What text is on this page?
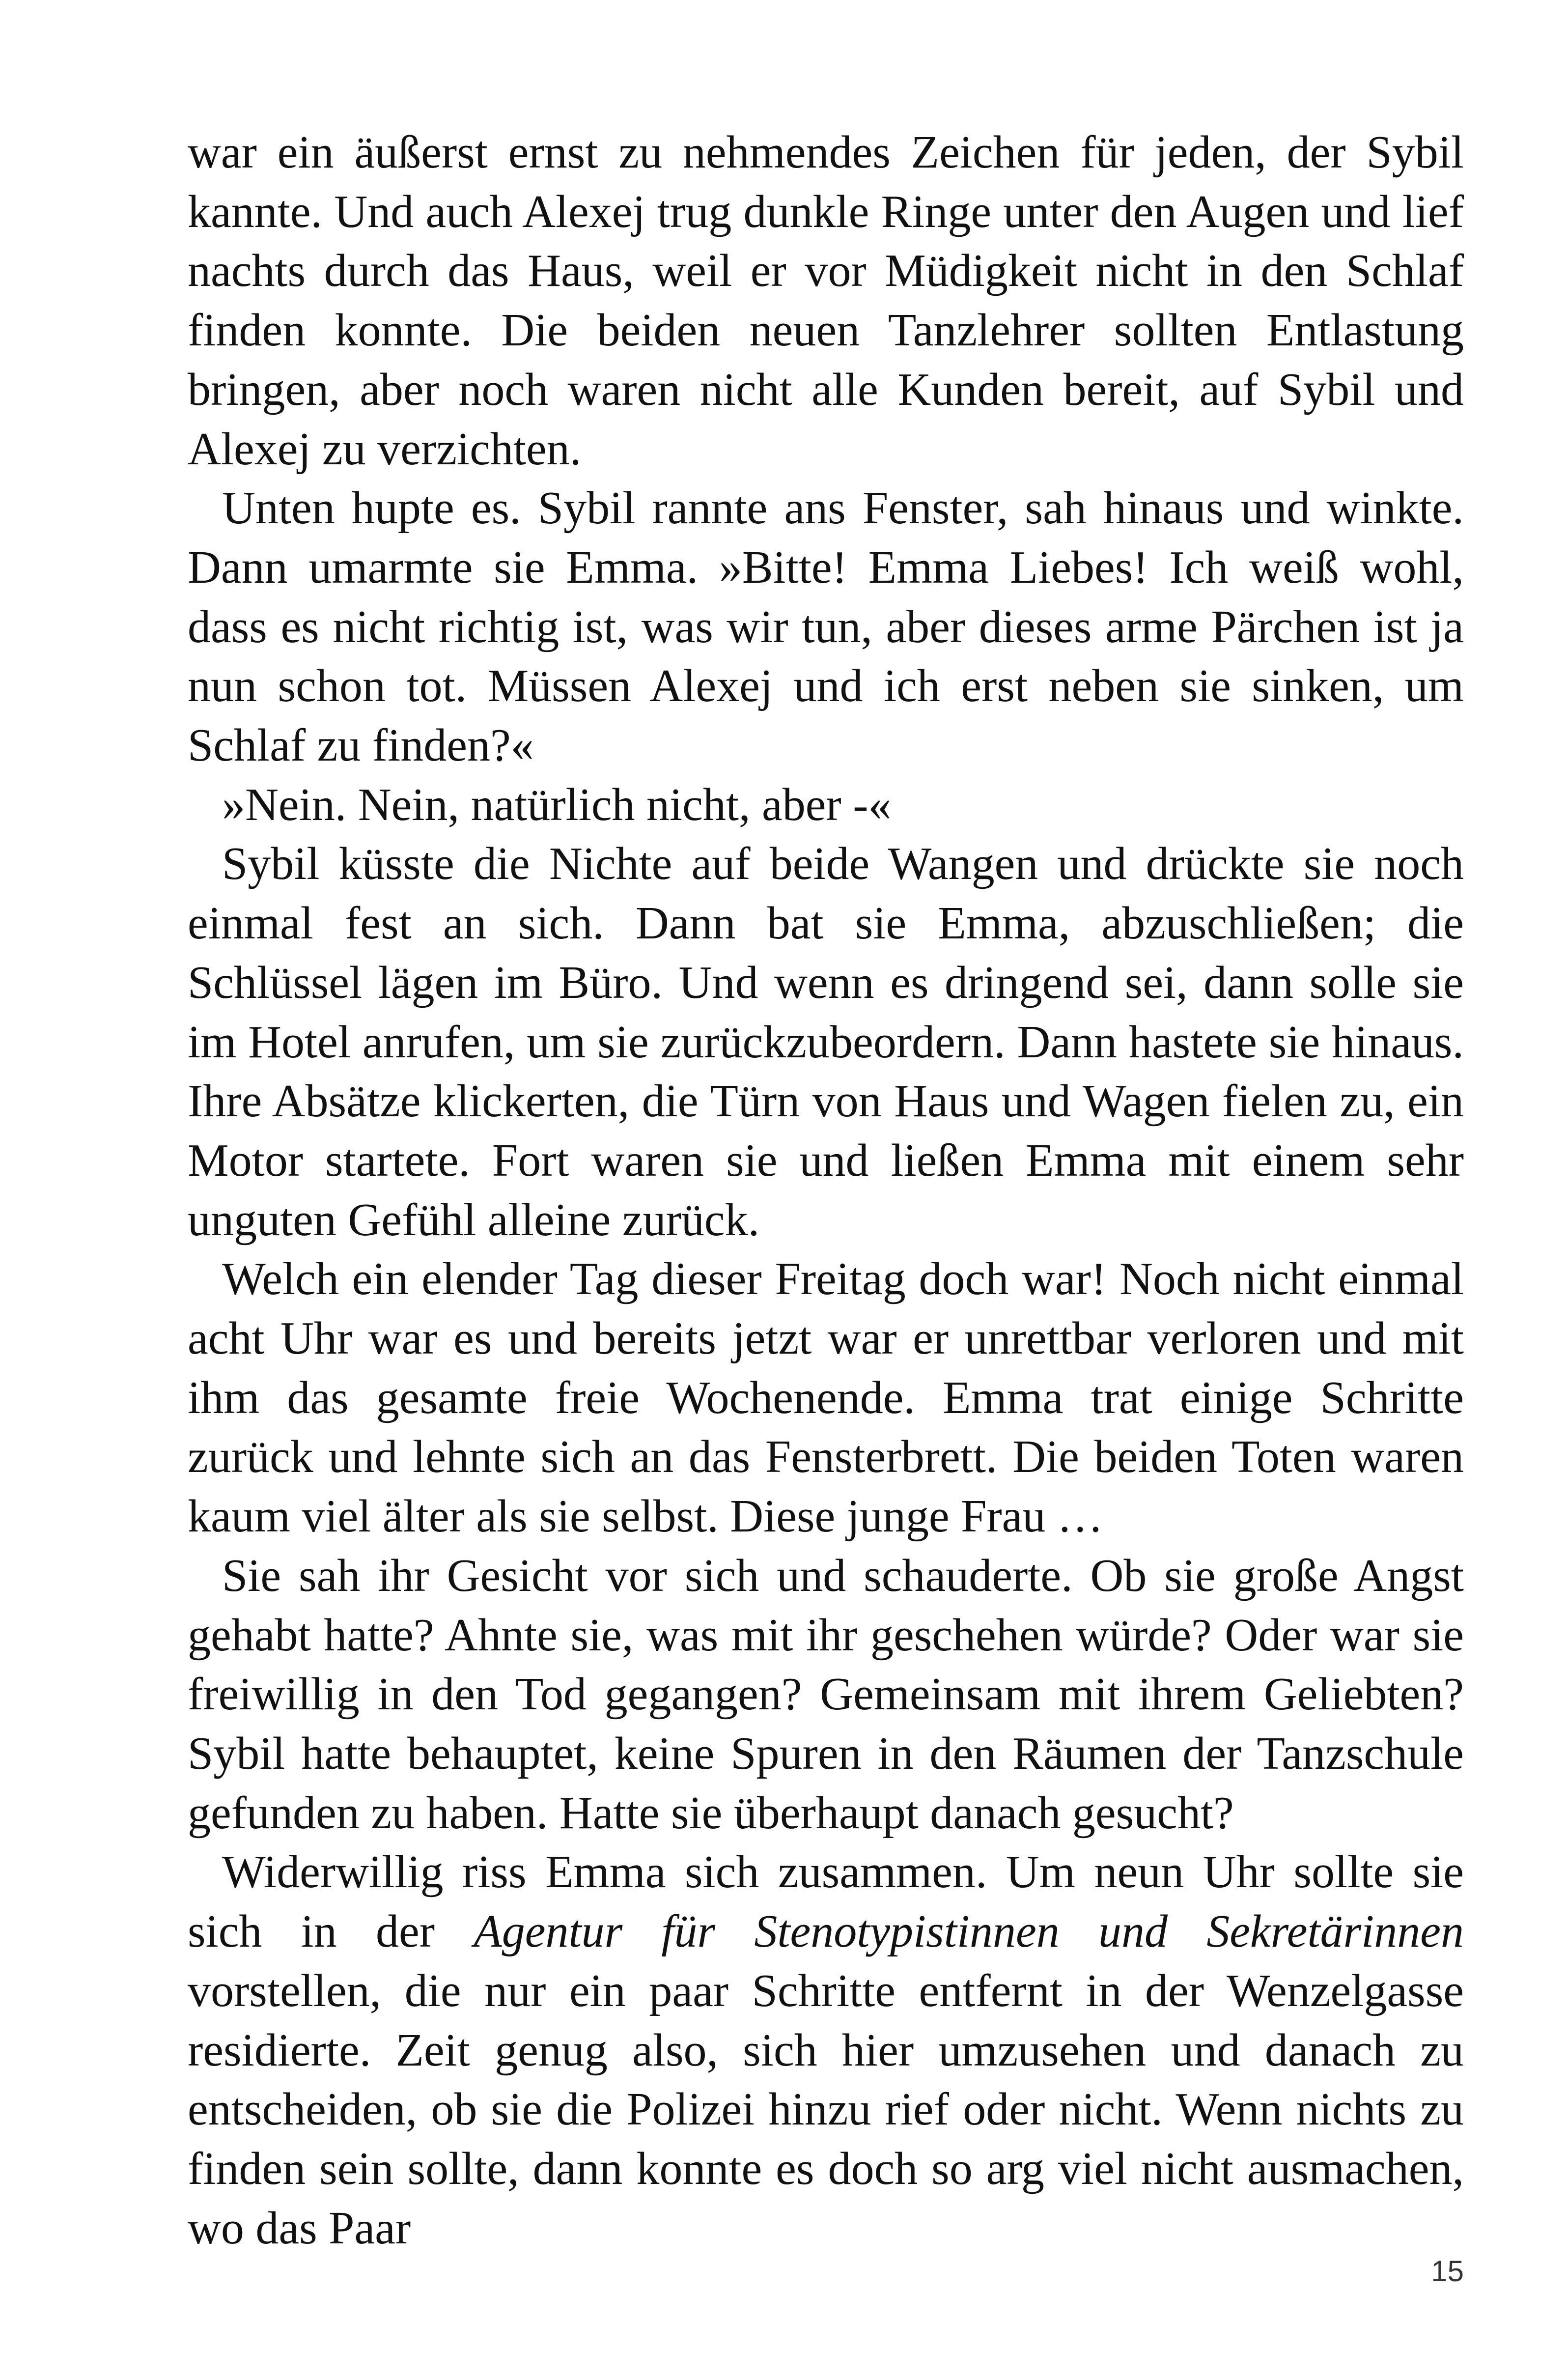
war ein äußerst ernst zu nehmendes Zeichen für jeden, der Sybil kannte. Und auch Alexej trug dunkle Ringe unter den Augen und lief nachts durch das Haus, weil er vor Müdigkeit nicht in den Schlaf finden konnte. Die beiden neuen Tanzlehrer sollten Entlastung bringen, aber noch waren nicht alle Kunden bereit, auf Sybil und Alexej zu verzichten.

Unten hupte es. Sybil rannte ans Fenster, sah hinaus und winkte. Dann umarmte sie Emma. »Bitte! Emma Liebes! Ich weiß wohl, dass es nicht richtig ist, was wir tun, aber dieses arme Pärchen ist ja nun schon tot. Müssen Alexej und ich erst neben sie sinken, um Schlaf zu finden?«

»Nein. Nein, natürlich nicht, aber -«

Sybil küsste die Nichte auf beide Wangen und drückte sie noch einmal fest an sich. Dann bat sie Emma, abzuschließen; die Schlüssel lägen im Büro. Und wenn es dringend sei, dann solle sie im Hotel anrufen, um sie zurückzubeordern. Dann hastete sie hinaus. Ihre Absätze klickerten, die Türn von Haus und Wagen fielen zu, ein Motor startete. Fort waren sie und ließen Emma mit einem sehr unguten Gefühl alleine zurück.

Welch ein elender Tag dieser Freitag doch war! Noch nicht einmal acht Uhr war es und bereits jetzt war er unrettbar verloren und mit ihm das gesamte freie Wochenende. Emma trat einige Schritte zurück und lehnte sich an das Fensterbrett. Die beiden Toten waren kaum viel älter als sie selbst. Diese junge Frau …

Sie sah ihr Gesicht vor sich und schauderte. Ob sie große Angst gehabt hatte? Ahnte sie, was mit ihr geschehen würde? Oder war sie freiwillig in den Tod gegangen? Gemeinsam mit ihrem Geliebten? Sybil hatte behauptet, keine Spuren in den Räumen der Tanzschule gefunden zu haben. Hatte sie überhaupt danach gesucht?

Widerwillig riss Emma sich zusammen. Um neun Uhr sollte sie sich in der Agentur für Stenotypistinnen und Sekretärinnen vorstellen, die nur ein paar Schritte entfernt in der Wenzelgasse residierte. Zeit genug also, sich hier umzusehen und danach zu entscheiden, ob sie die Polizei hinzu rief oder nicht. Wenn nichts zu finden sein sollte, dann konnte es doch so arg viel nicht ausmachen, wo das Paar

15
